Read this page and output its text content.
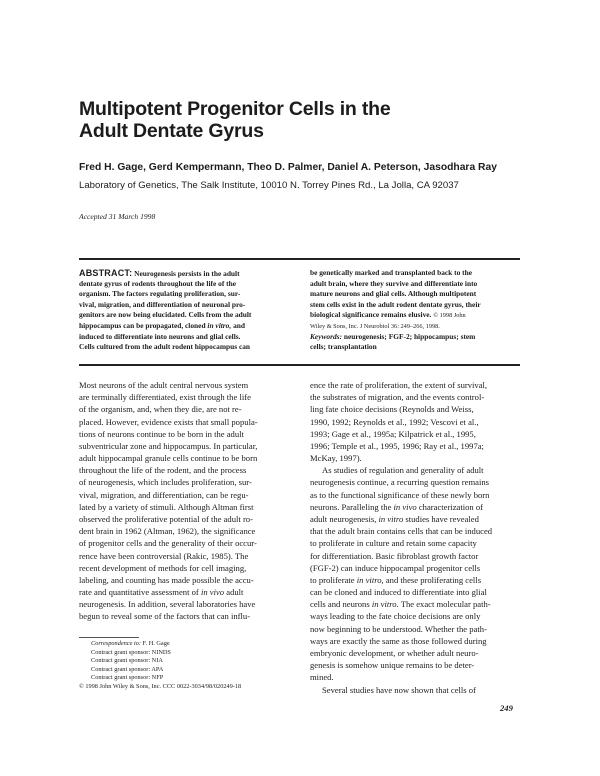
Multipotent Progenitor Cells in the
Adult Dentate Gyrus
Fred H. Gage, Gerd Kempermann, Theo D. Palmer, Daniel A. Peterson, Jasodhara Ray
Laboratory of Genetics, The Salk Institute, 10010 N. Torrey Pines Rd., La Jolla, CA 92037
Accepted 31 March 1998
ABSTRACT: Neurogenesis persists in the adult
dentate gyrus of rodents throughout the life of the
organism. The factors regulating proliferation, sur-
vival, migration, and differentiation of neuronal pro-
genitors are now being elucidated. Cells from the adult
hippocampus can be propagated, cloned in vitro, and
induced to differentiate into neurons and glial cells.
Cells cultured from the adult rodent hippocampus can
be genetically marked and transplanted back to the
adult brain, where they survive and differentiate into
mature neurons and glial cells. Although multipotent
stem cells exist in the adult rodent dentate gyrus, their
biological significance remains elusive. © 1998 John
Wiley & Sons, Inc. J Neurobiol 36: 249–266, 1998.
Keywords: neurogenesis; FGF-2; hippocampus; stem
cells; transplantation
Most neurons of the adult central nervous system
are terminally differentiated, exist through the life
of the organism, and, when they die, are not re-
placed. However, evidence exists that small popula-
tions of neurons continue to be born in the adult
subventricular zone and hippocampus. In particular,
adult hippocampal granule cells continue to be born
throughout the life of the rodent, and the process
of neurogenesis, which includes proliferation, sur-
vival, migration, and differentiation, can be regu-
lated by a variety of stimuli. Although Altman first
observed the proliferative potential of the adult ro-
dent brain in 1962 (Altman, 1962), the significance
of progenitor cells and the generality of their occur-
rence have been controversial (Rakic, 1985). The
recent development of methods for cell imaging,
labeling, and counting has made possible the accu-
rate and quantitative assessment of in vivo adult
neurogenesis. In addition, several laboratories have
begun to reveal some of the factors that can influ-
ence the rate of proliferation, the extent of survival,
the substrates of migration, and the events control-
ling fate choice decisions (Reynolds and Weiss,
1990, 1992; Reynolds et al., 1992; Vescovi et al.,
1993; Gage et al., 1995a; Kilpatrick et al., 1995,
1996; Temple et al., 1995, 1996; Ray et al., 1997a;
McKay, 1997).
As studies of regulation and generality of adult
neurogenesis continue, a recurring question remains
as to the functional significance of these newly born
neurons. Paralleling the in vivo characterization of
adult neurogenesis, in vitro studies have revealed
that the adult brain contains cells that can be induced
to proliferate in culture and retain some capacity
for differentiation. Basic fibroblast growth factor
(FGF-2) can induce hippocampal progenitor cells
to proliferate in vitro, and these proliferating cells
can be cloned and induced to differentiate into glial
cells and neurons in vitro. The exact molecular path-
ways leading to the fate choice decisions are only
now beginning to be understood. Whether the path-
ways are exactly the same as those followed during
embryonic development, or whether adult neuro-
genesis is somehow unique remains to be deter-
mined.
Several studies have now shown that cells of
Correspondence to: F. H. Gage
Contract grant sponsor: NINDS
Contract grant sponsor: NIA
Contract grant sponsor: APA
Contract grant sponsor: NFP
© 1998 John Wiley & Sons, Inc. CCC 0022-3034/98/020249-18
249
